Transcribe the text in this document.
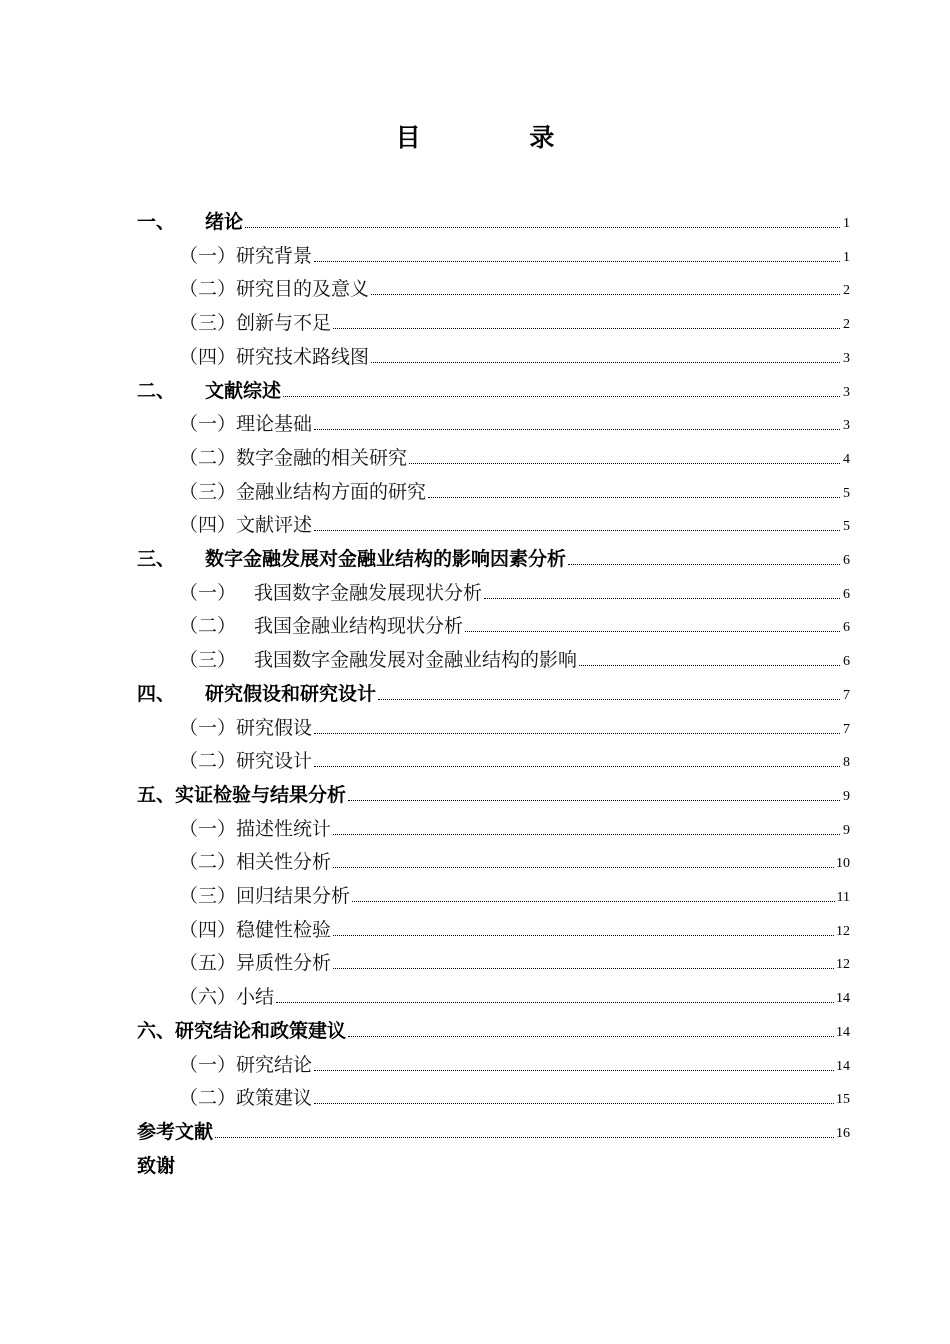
目 录
一、 绪论	1
（一）研究背景	1
（二）研究目的及意义	2
（三）创新与不足	2
（四）研究技术路线图	3
二、 文献综述	3
（一）理论基础	3
（二）数字金融的相关研究	4
（三）金融业结构方面的研究	5
（四）文献评述	5
三、 数字金融发展对金融业结构的影响因素分析	6
（一） 我国数字金融发展现状分析	6
（二） 我国金融业结构现状分析	6
（三） 我国数字金融发展对金融业结构的影响	6
四、 研究假设和研究设计	7
（一）研究假设	7
（二）研究设计	8
五、实证检验与结果分析	9
（一）描述性统计	9
（二）相关性分析	10
（三）回归结果分析	11
（四）稳健性检验	12
（五）异质性分析	12
（六）小结	14
六、研究结论和政策建议	14
（一）研究结论	14
（二）政策建议	15
参考文献	16
致谢
